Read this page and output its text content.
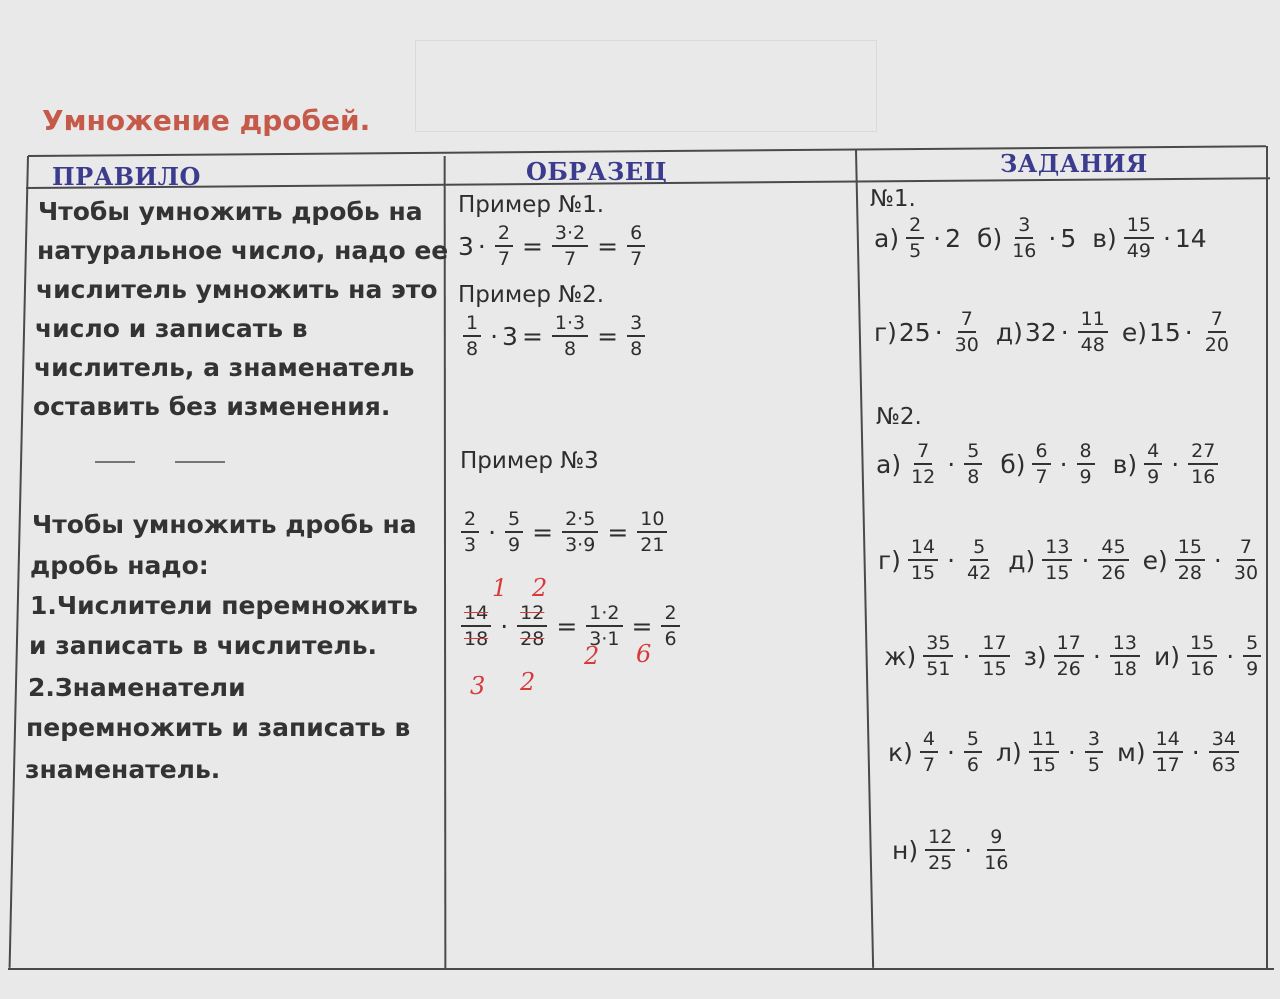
Умножение дробей.
ПРАВИЛО	ОБРАЗЕЦ	ЗАДАНИЯ
Чтобы умножить дробь на
натуральное число, надо ее
числитель умножить на это
число и записать в
числитель, а знаменатель
оставить без изменения.
Чтобы умножить дробь на
дробь надо:
1.Числители перемножить
и записать в числитель.
2.Знаменатели
перемножить и записать в
знаменатель.
Пример №1.
$3 \cdot \frac{2}{7} = \frac{3\cdot 2}{7} = \frac{6}{7}$
Пример №2.
$\frac{1}{8} \cdot 3 = \frac{1\cdot 3}{8} = \frac{3}{8}$
Пример №3
$\frac{2}{3} \cdot \frac{5}{9} = \frac{2\cdot 5}{3\cdot 9} = \frac{10}{21}$
$\frac{14}{18} \cdot \frac{12}{28} = \frac{1\cdot 2}{3\cdot 1} = \frac{2}{6}$
1 2
3 2
2 6
№1.
$а) \frac{2}{5} \cdot 2$ $б) \frac{3}{16} \cdot 5$ $в) \frac{15}{49} \cdot 14$
г) $25 \cdot \frac{7}{30} д$) $32 \cdot \frac{11}{48} е$) $15 \cdot \frac{7}{20}$
№2.
$а) \frac{7}{12} \cdot \frac{5}{8} б) \frac{6}{7} \cdot \frac{8}{9} в) \frac{4}{9} \cdot \frac{27}{16}$
$г) \frac{14}{15} \cdot \frac{5}{42} д) \frac{13}{15} \cdot \frac{45}{26} е) \frac{15}{28} \cdot \frac{7}{30}$
$ж) \frac{35}{51} \cdot \frac{17}{15} з) \frac{17}{26} \cdot \frac{13}{18} и) \frac{15}{16} \cdot \frac{5}{9}$
$к) \frac{4}{7} \cdot \frac{5}{6} л) \frac{11}{15} \cdot \frac{3}{5} м) \frac{14}{17} \cdot \frac{34}{63}$
$н) \frac{12}{25} \cdot \frac{9}{16}$
